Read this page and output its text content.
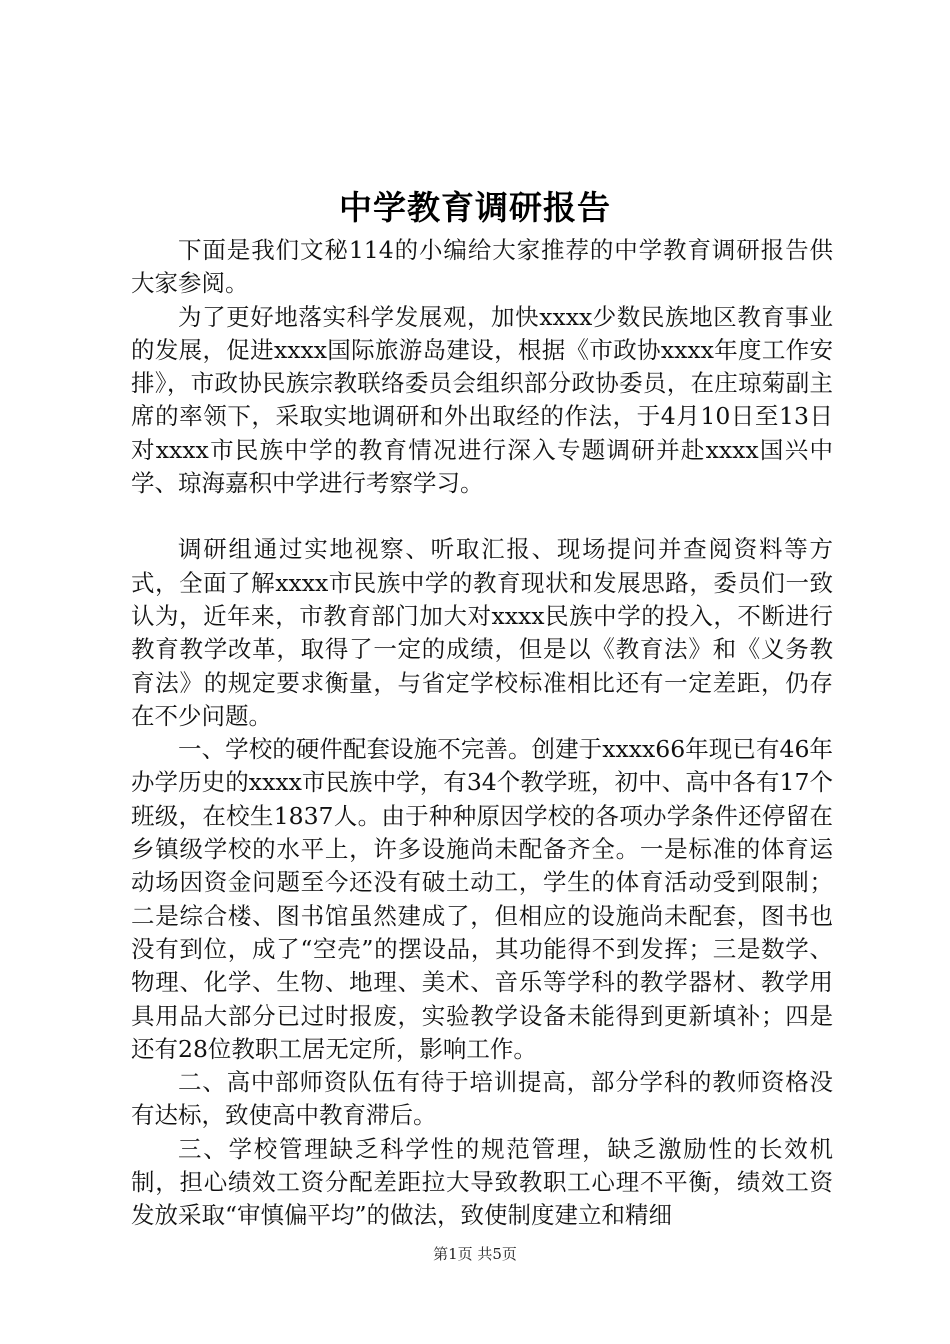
中学教育调研报告

下面是我们文秘114的小编给大家推荐的中学教育调研报告供大家参阅。

为了更好地落实科学发展观，加快xxxx少数民族地区教育事业的发展，促进xxxx国际旅游岛建设，根据《市政协xxxx年度工作安排》，市政协民族宗教联络委员会组织部分政协委员，在庄琼菊副主席的率领下，采取实地调研和外出取经的作法，于4月10日至13日对xxxx市民族中学的教育情况进行深入专题调研并赴xxxx国兴中学、琼海嘉积中学进行考察学习。

调研组通过实地视察、听取汇报、现场提问并查阅资料等方式，全面了解xxxx市民族中学的教育现状和发展思路，委员们一致认为，近年来，市教育部门加大对xxxx民族中学的投入，不断进行教育教学改革，取得了一定的成绩，但是以《教育法》和《义务教育法》的规定要求衡量，与省定学校标准相比还有一定差距，仍存在不少问题。

一、学校的硬件配套设施不完善。创建于xxxx66年现已有46年办学历史的xxxx市民族中学，有34个教学班，初中、高中各有17个班级，在校生1837人。由于种种原因学校的各项办学条件还停留在乡镇级学校的水平上，许多设施尚未配备齐全。一是标准的体育运动场因资金问题至今还没有破土动工，学生的体育活动受到限制；二是综合楼、图书馆虽然建成了，但相应的设施尚未配套，图书也没有到位，成了“空壳”的摆设品，其功能得不到发挥；三是数学、物理、化学、生物、地理、美术、音乐等学科的教学器材、教学用具用品大部分已过时报废，实验教学设备未能得到更新填补；四是还有28位教职工居无定所，影响工作。

二、高中部师资队伍有待于培训提高，部分学科的教师资格没有达标，致使高中教育滞后。

三、学校管理缺乏科学性的规范管理，缺乏激励性的长效机制，担心绩效工资分配差距拉大导致教职工心理不平衡，绩效工资发放采取“审慎偏平均”的做法，致使制度建立和精细

第1页 共5页
